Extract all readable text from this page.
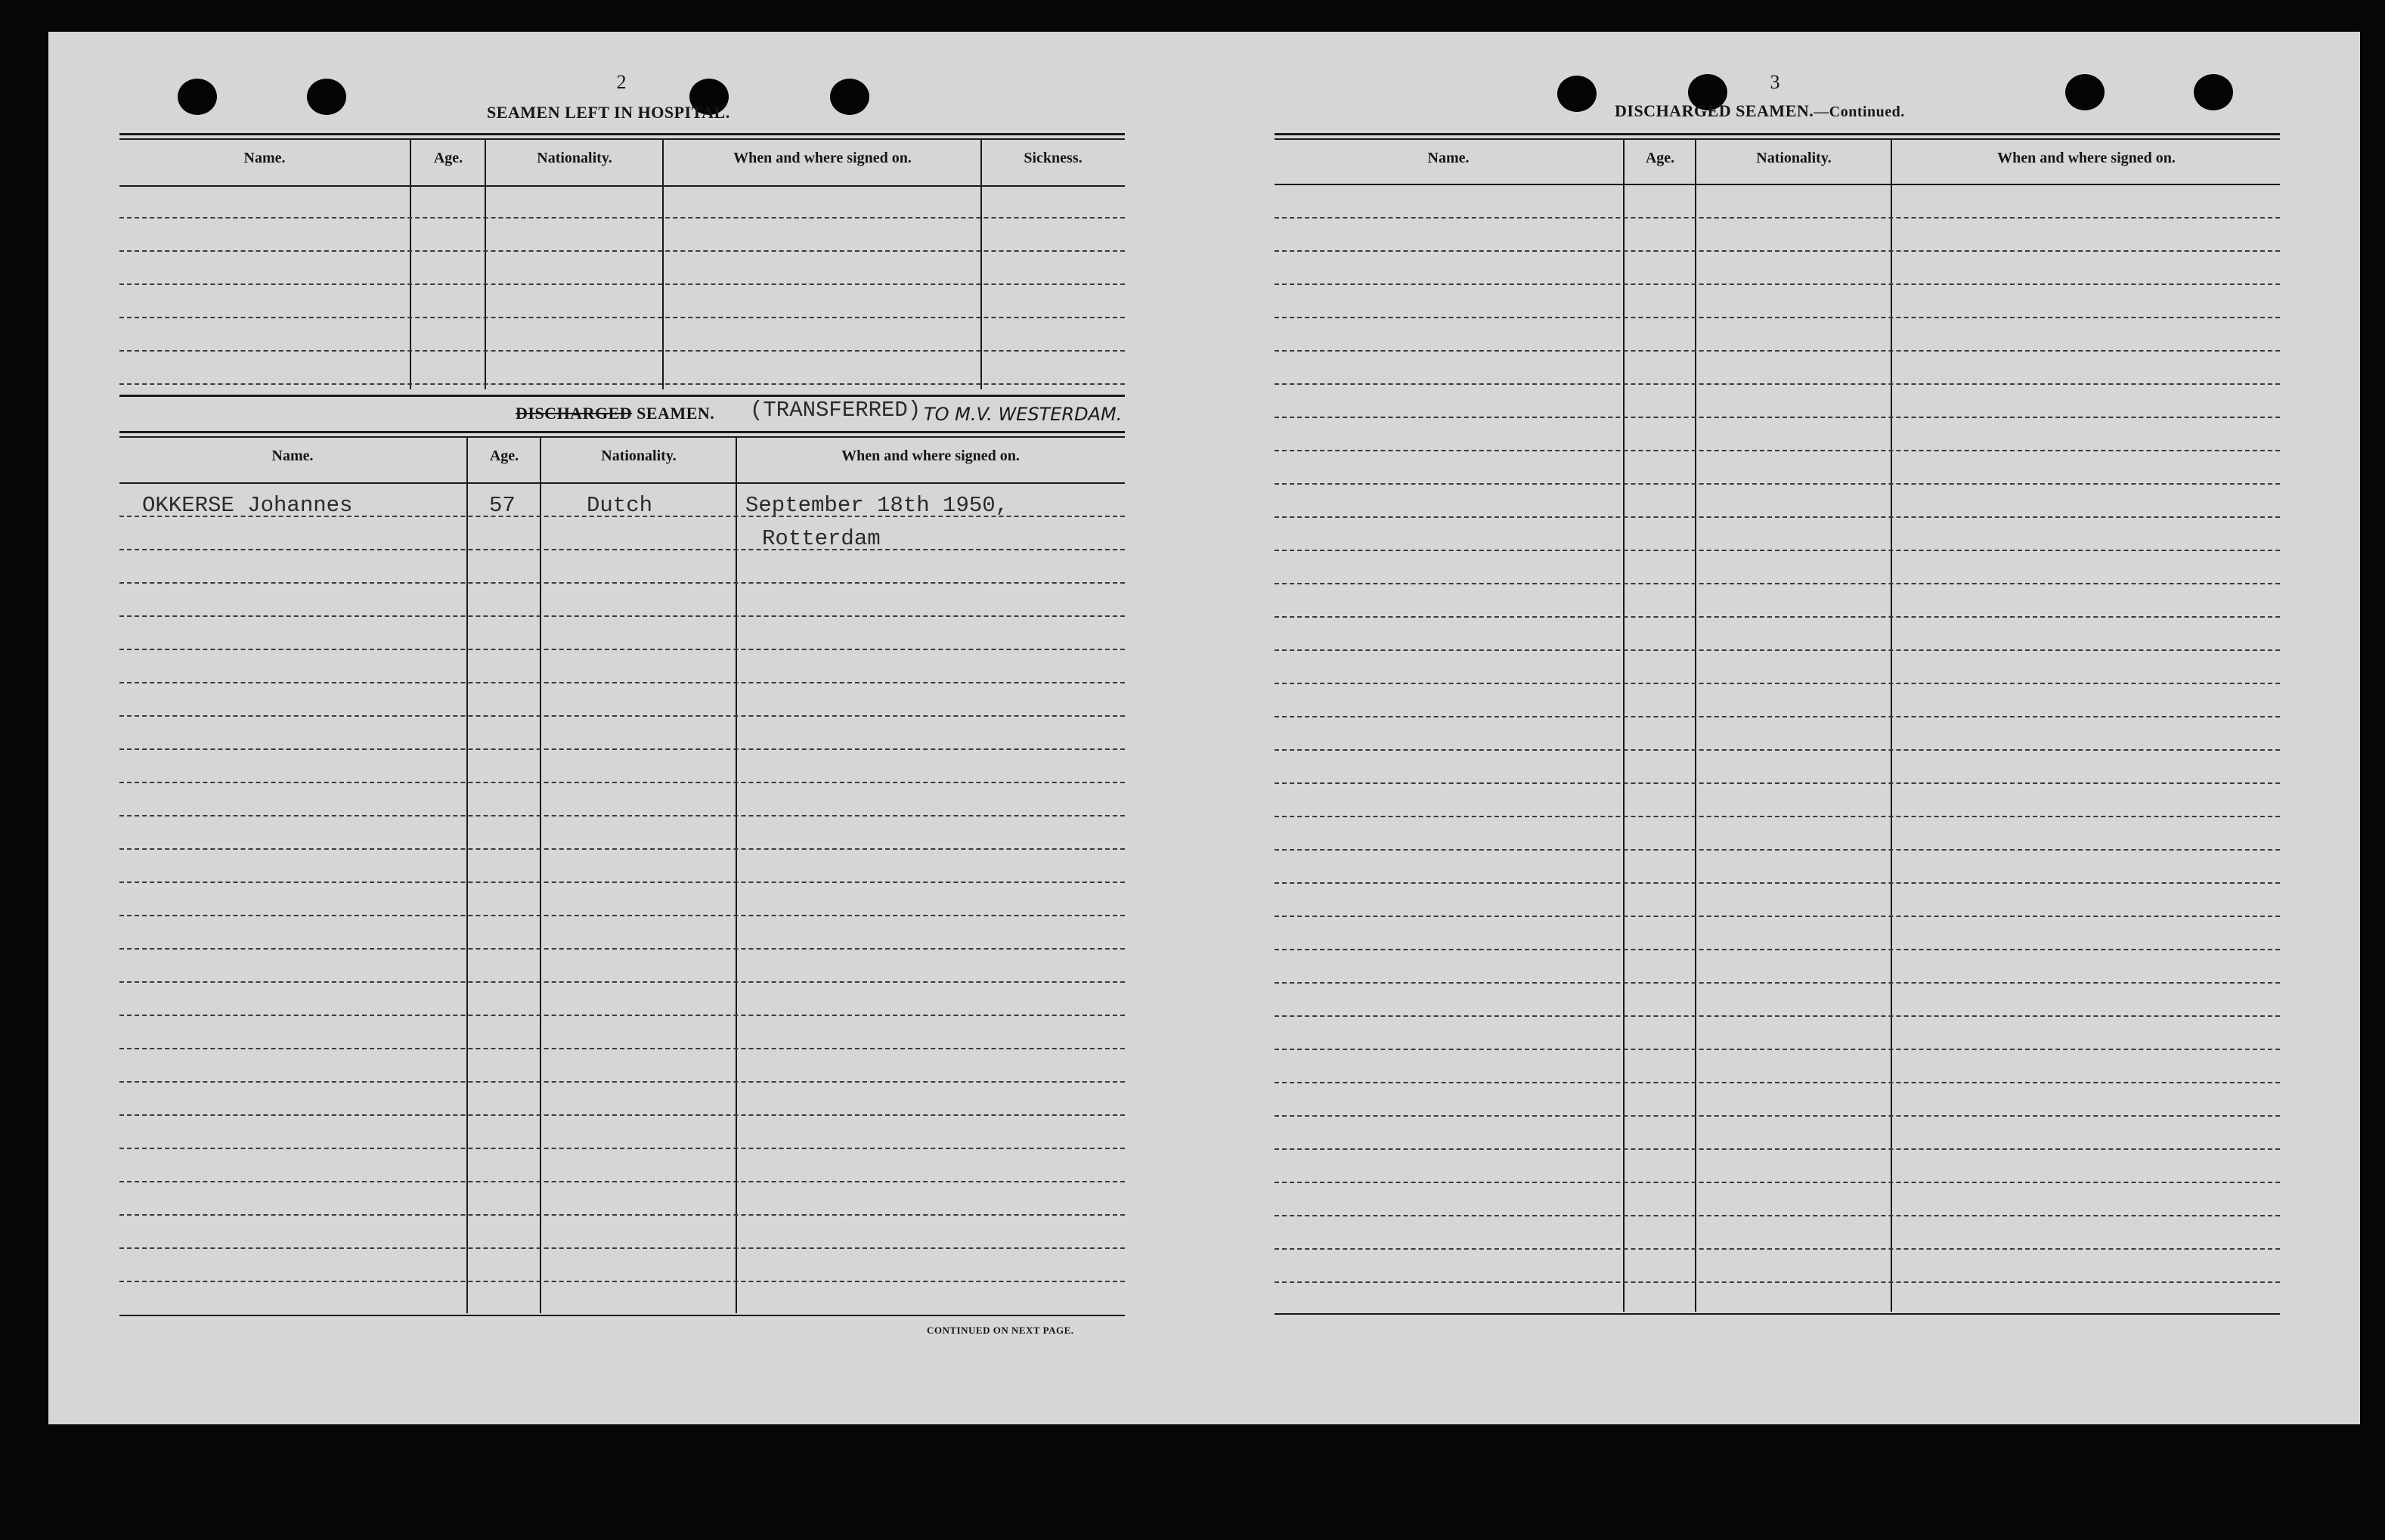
2
SEAMEN LEFT IN HOSPITAL.
Name.	Age.	Nationality.	When and where signed on.	Sickness.
DISCHARGED SEAMEN. (TRANSFERRED) TO M.V. WESTERDAM.
Name.	Age.	Nationality.	When and where signed on.
OKKERSE Johannes	57	Dutch	September 18th 1950,
Rotterdam
CONTINUED ON NEXT PAGE.
3
DISCHARGED SEAMEN.—Continued.
Name.	Age.	Nationality.	When and where signed on.
